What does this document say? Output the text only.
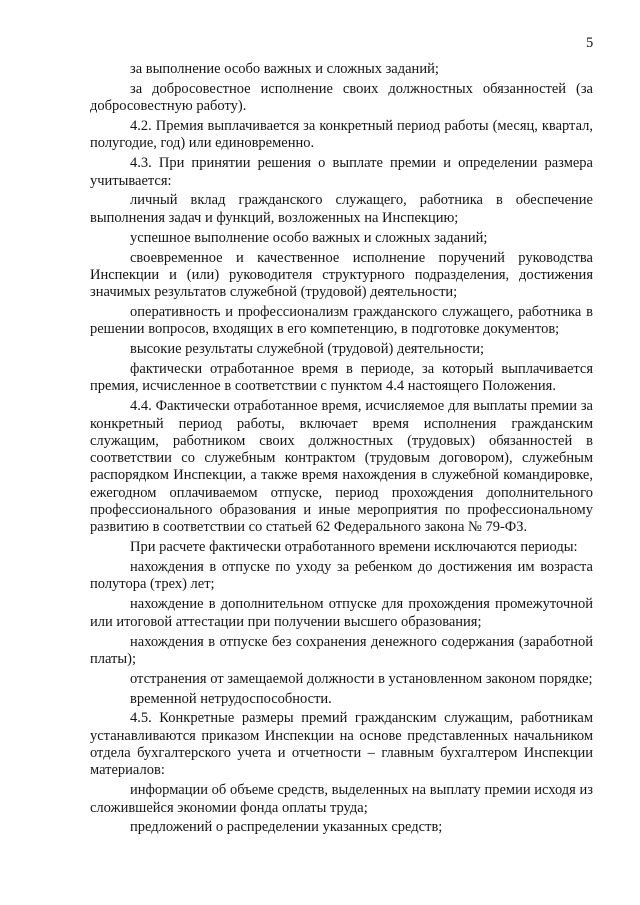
5

за выполнение особо важных и сложных заданий;

за добросовестное исполнение своих должностных обязанностей (за добросовестную работу).

4.2. Премия выплачивается за конкретный период работы (месяц, квартал, полугодие, год) или единовременно.

4.3. При принятии решения о выплате премии и определении размера учитывается:

личный вклад гражданского служащего, работника в обеспечение выполнения задач и функций, возложенных на Инспекцию;

успешное выполнение особо важных и сложных заданий;

своевременное и качественное исполнение поручений руководства Инспекции и (или) руководителя структурного подразделения, достижения значимых результатов служебной (трудовой) деятельности;

оперативность и профессионализм гражданского служащего, работника в решении вопросов, входящих в его компетенцию, в подготовке документов;

высокие результаты служебной (трудовой) деятельности;

фактически отработанное время в периоде, за который выплачивается премия, исчисленное в соответствии с пунктом 4.4 настоящего Положения.

4.4. Фактически отработанное время, исчисляемое для выплаты премии за конкретный период работы, включает время исполнения гражданским служащим, работником своих должностных (трудовых) обязанностей в соответствии со служебным контрактом (трудовым договором), служебным распорядком Инспекции, а также время нахождения в служебной командировке, ежегодном оплачиваемом отпуске, период прохождения дополнительного профессионального образования и иные мероприятия по профессиональному развитию в соответствии со статьей 62 Федерального закона № 79-ФЗ.

При расчете фактически отработанного времени исключаются периоды:

нахождения в отпуске по уходу за ребенком до достижения им возраста полутора (трех) лет;

нахождение в дополнительном отпуске для прохождения промежуточной или итоговой аттестации при получении высшего образования;

нахождения в отпуске без сохранения денежного содержания (заработной платы);

отстранения от замещаемой должности в установленном законом порядке;

временной нетрудоспособности.

4.5. Конкретные размеры премий гражданским служащим, работникам устанавливаются приказом Инспекции на основе представленных начальником отдела бухгалтерского учета и отчетности – главным бухгалтером Инспекции материалов:

информации об объеме средств, выделенных на выплату премии исходя из сложившейся экономии фонда оплаты труда;

предложений о распределении указанных средств;
